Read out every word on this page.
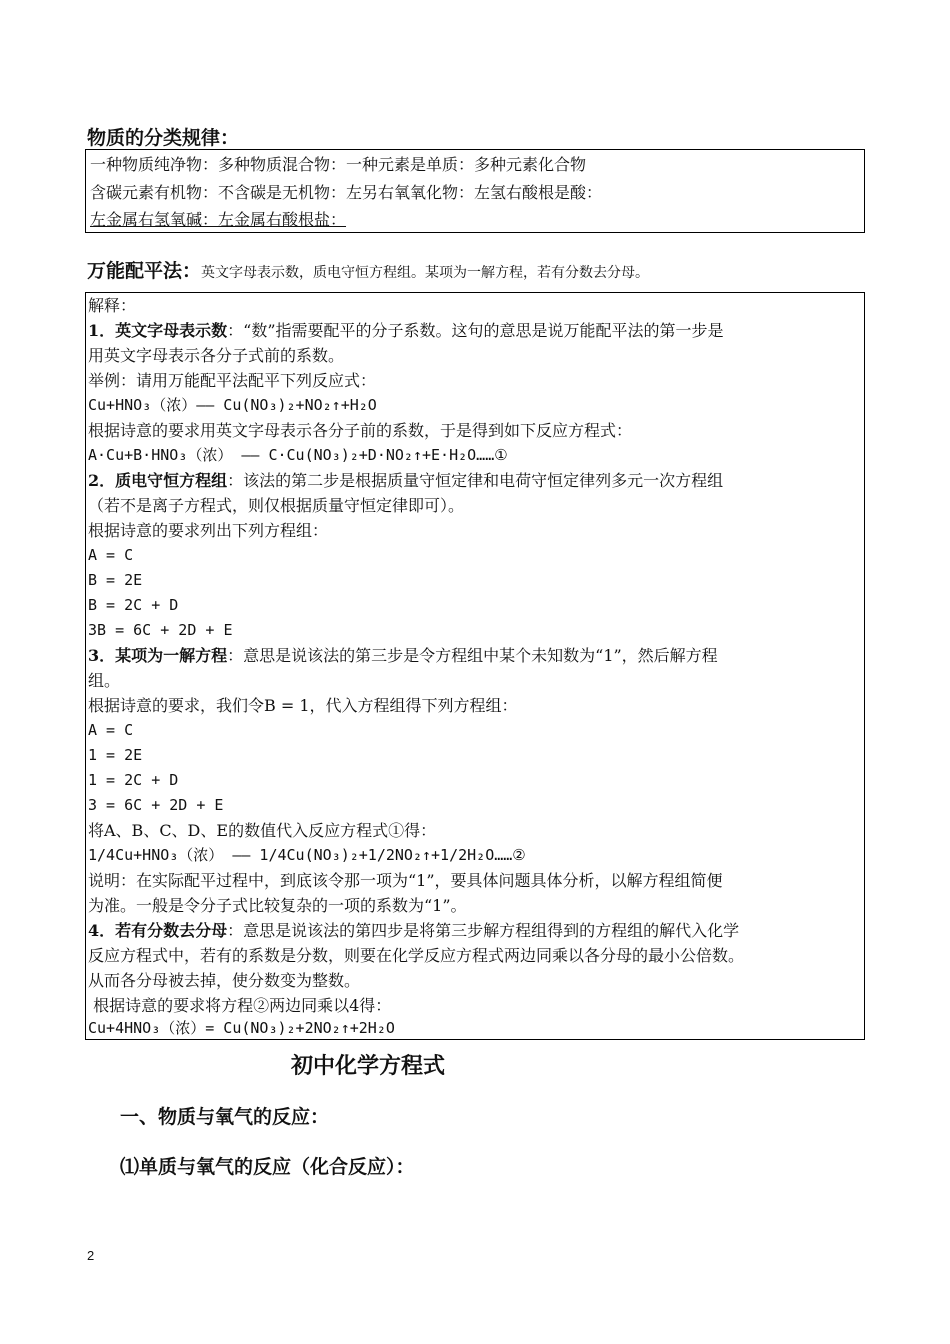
物质的分类规律：
一种物质纯净物：多种物质混合物：一种元素是单质：多种元素化合物
含碳元素有机物：不含碳是无机物：左另右氧氧化物：左氢右酸根是酸：
左金属右氢氧碱：左金属右酸根盐：
万能配平法：英文字母表示数，质电守恒方程组。某项为一解方程，若有分数去分母。
解释：
1．英文字母表示数：“数”指需要配平的分子系数。这句的意思是说万能配平法的第一步是
用英文字母表示各分子式前的系数。
举例：请用万能配平法配平下列反应式：
Cu+HNO₃（浓）—— Cu(NO₃)₂+NO₂↑+H₂O
根据诗意的要求用英文字母表示各分子前的系数，于是得到如下反应方程式：
A·Cu+B·HNO₃（浓） —— C·Cu(NO₃)₂+D·NO₂↑+E·H₂O……①
2．质电守恒方程组：该法的第二步是根据质量守恒定律和电荷守恒定律列多元一次方程组
（若不是离子方程式，则仅根据质量守恒定律即可）。
根据诗意的要求列出下列方程组：
A = C
B = 2E
B = 2C + D
3B = 6C + 2D + E
3．某项为一解方程：意思是说该法的第三步是令方程组中某个未知数为“1”，然后解方程
组。
根据诗意的要求，我们令B = 1，代入方程组得下列方程组：
A = C
1 = 2E
1 = 2C + D
3 = 6C + 2D + E
将A、B、C、D、E的数值代入反应方程式①得：
1/4Cu+HNO₃（浓） —— 1/4Cu(NO₃)₂+1/2NO₂↑+1/2H₂O……②
说明：在实际配平过程中，到底该令那一项为“1”，要具体问题具体分析，以解方程组简便
为准。一般是令分子式比较复杂的一项的系数为“1”。
4．若有分数去分母：意思是说该法的第四步是将第三步解方程组得到的方程组的解代入化学
反应方程式中，若有的系数是分数，则要在化学反应方程式两边同乘以各分母的最小公倍数。
从而各分母被去掉，使分数变为整数。
根据诗意的要求将方程②两边同乘以4得：
Cu+4HNO₃（浓）= Cu(NO₃)₂+2NO₂↑+2H₂O
初中化学方程式
一、物质与氧气的反应：
⑴单质与氧气的反应（化合反应）：
2
